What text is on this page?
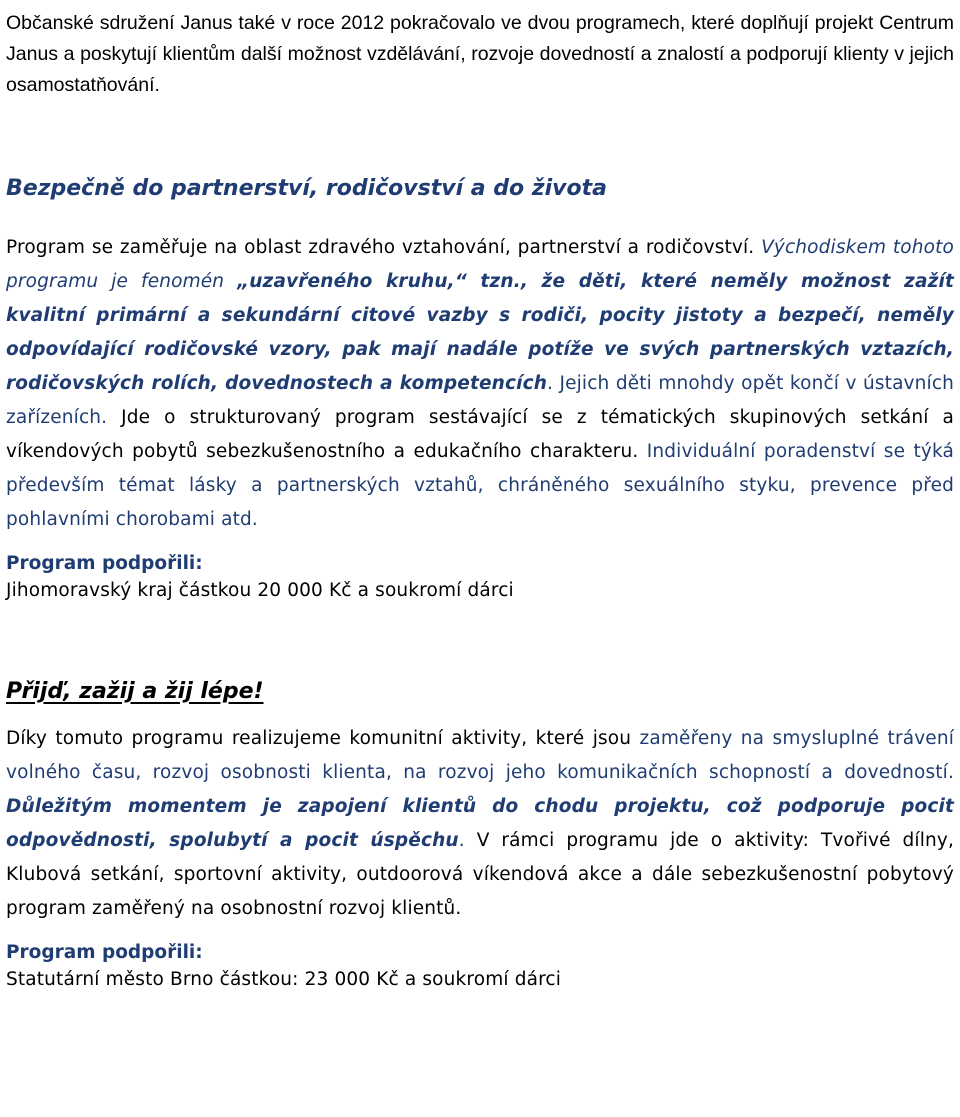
Občanské sdružení Janus také v roce 2012 pokračovalo ve dvou programech, které doplňují projekt Centrum Janus a poskytují klientům další možnost vzdělávání, rozvoje dovedností a znalostí a podporují klienty v jejich osamostatňování.

Bezpečně do partnerství, rodičovství a do života

Program se zaměřuje na oblast zdravého vztahování, partnerství a rodičovství. Východiskem tohoto programu je fenomén „uzavřeného kruhu,“ tzn., že děti, které neměly možnost zažít kvalitní primární a sekundární citové vazby s rodiči, pocity jistoty a bezpečí, neměly odpovídající rodičovské vzory, pak mají nadále potíže ve svých partnerských vztazích, rodičovských rolích, dovednostech a kompetencích. Jejich děti mnohdy opět končí v ústavních zařízeních. Jde o strukturovaný program sestávající se z tématických skupinových setkání a víkendových pobytů sebezkušenostního a edukačního charakteru. Individuální poradenství se týká především témat lásky a partnerských vztahů, chráněného sexuálního styku, prevence před pohlavními chorobami atd.

Program podpořili:

Jihomoravský kraj částkou 20 000 Kč a soukromí dárci

Přijď, zažij a žij lépe!

Díky tomuto programu realizujeme komunitní aktivity, které jsou zaměřeny na smysluplné trávení volného času, rozvoj osobnosti klienta, na rozvoj jeho komunikačních schopností a dovedností. Důležitým momentem je zapojení klientů do chodu projektu, což podporuje pocit odpovědnosti, spolubytí a pocit úspěchu. V rámci programu jde o aktivity: Tvořivé dílny, Klubová setkání, sportovní aktivity, outdoorová víkendová akce a dále sebezkušenostní pobytový program zaměřený na osobnostní rozvoj klientů.

Program podpořili:

Statutární město Brno částkou: 23 000 Kč a soukromí dárci
